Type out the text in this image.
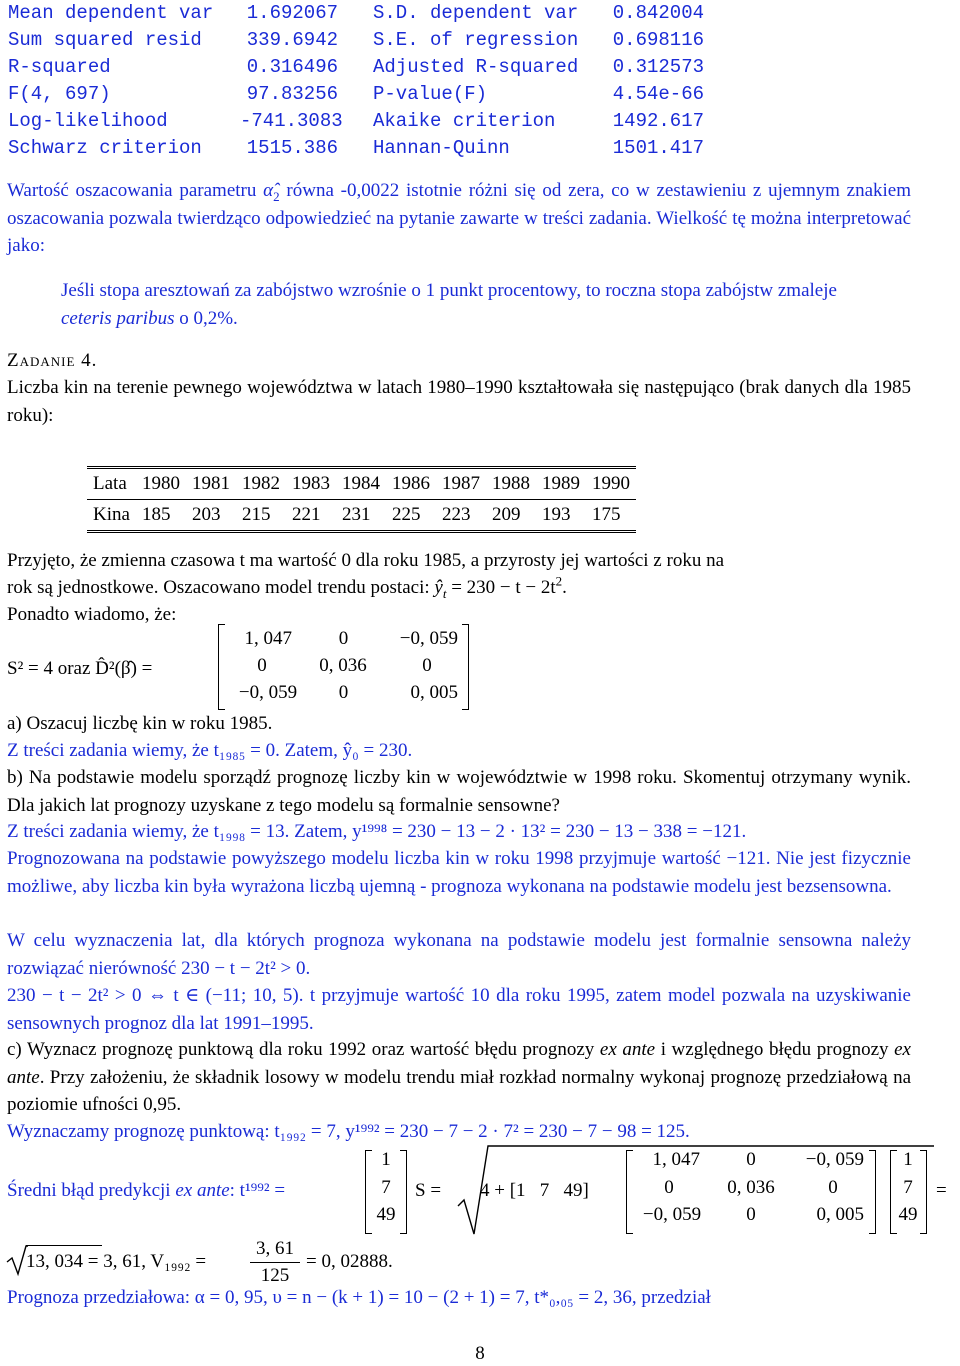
Mean dependent var	1.692067 S.D. dependent var 0.842004
Sum squared resid	339.6942 S.E. of regression 0.698116
R-squared	0.316496 Adjusted R-squared 0.312573
F(4, 697)	97.83256 P-value(F)	4.54e-66
Log-likelihood	-741.3083 Akaike criterion	1492.617
Schwarz criterion	1515.386 Hannan-Quinn	1501.417
Wartość oszacowania parametru $\alphâ_2$ równa -0,0022 istotnie różni się od zera, co w zestawieniu z ujemnym znakiem oszacowania pozwala twierdząco odpowiedzieć na pytanie zawarte w treści zadania. Wielkość tę można interpretować jako:
Jeśli stopa aresztowań za zabójstwo wzrośnie o 1 punkt procentowy, to roczna stopa zabójstw zmaleje ceteris paribus o 0,2%.
Zadanie 4.
Liczba kin na terenie pewnego województwa w latach 1980–1990 kształtowała się następująco (brak danych dla 1985 roku):
Lata	1980	1981	1982	1983	1984	1986	1987	1988	1989	1990
Kina	185	203	215	221	231	225	223	209	193	175
Przyjęto, że zmienna czasowa t ma wartość 0 dla roku 1985, a przyrosty jej wartości z roku na
rok są jednostkowe. Oszacowano model trendu postaci: $ŷ_t = 230 - t - 2t^2$.
Ponadto wiadomo, że:
S² = 4 oraz D̂²(β̂) =
1, 047	0	−0, 059
0	0, 036	0
−0, 059	0	0, 005
a) Oszacuj liczbę kin w roku 1985.
Z treści zadania wiemy, że t₁₉₈₅ = 0. Zatem, ŷ₀ = 230.
b) Na podstawie modelu sporządź prognozę liczby kin w województwie w 1998 roku. Skomentuj otrzymany wynik. Dla jakich lat prognozy uzyskane z tego modelu są formalnie sensowne?
Z treści zadania wiemy, że t₁₉₉₈ = 13. Zatem, y¹⁹⁹⁸ = 230 − 13 − 2 · 13² = 230 − 13 − 338 = −121.
Prognozowana na podstawie powyższego modelu liczba kin w roku 1998 przyjmuje wartość −121. Nie jest fizycznie możliwe, aby liczba kin była wyrażona liczbą ujemną - prognoza wykonana na podstawie modelu jest bezsensowna.
W celu wyznaczenia lat, dla których prognoza wykonana na podstawie modelu jest formalnie sensowna należy rozwiązać nierówność 230 − t − 2t² > 0.
230 − t − 2t² > 0 ⇔ t ∈ (−11; 10, 5). t przyjmuje wartość 10 dla roku 1995, zatem model pozwala na uzyskiwanie sensownych prognoz dla lat 1991–1995.
c) Wyznacz prognozę punktową dla roku 1992 oraz wartość błędu prognozy ex ante i względnego błędu prognozy ex ante. Przy założeniu, że składnik losowy w modelu trendu miał rozkład normalny wykonaj prognozę przedziałową na poziomie ufności 0,95.
Wyznaczamy prognozę punktową: t₁₉₉₂ = 7, y¹⁹⁹² = 230 − 7 − 2 · 7² = 230 − 7 − 98 = 125.
Średni błąd predykcji ex ante: t¹⁹⁹² =
1
7
49
S = 4 + [1   7   49]
1, 047	0	−0, 059
0	0, 036	0
−0, 059	0	0, 005
1
7
49
=
13, 034 = 3, 61, V₁₉₉₂ =
3, 61
125
= 0, 02888.
Prognoza przedziałowa: α = 0, 95, υ = n − (k + 1) = 10 − (2 + 1) = 7, t*₀,₀₅ = 2, 36, przedział
8
